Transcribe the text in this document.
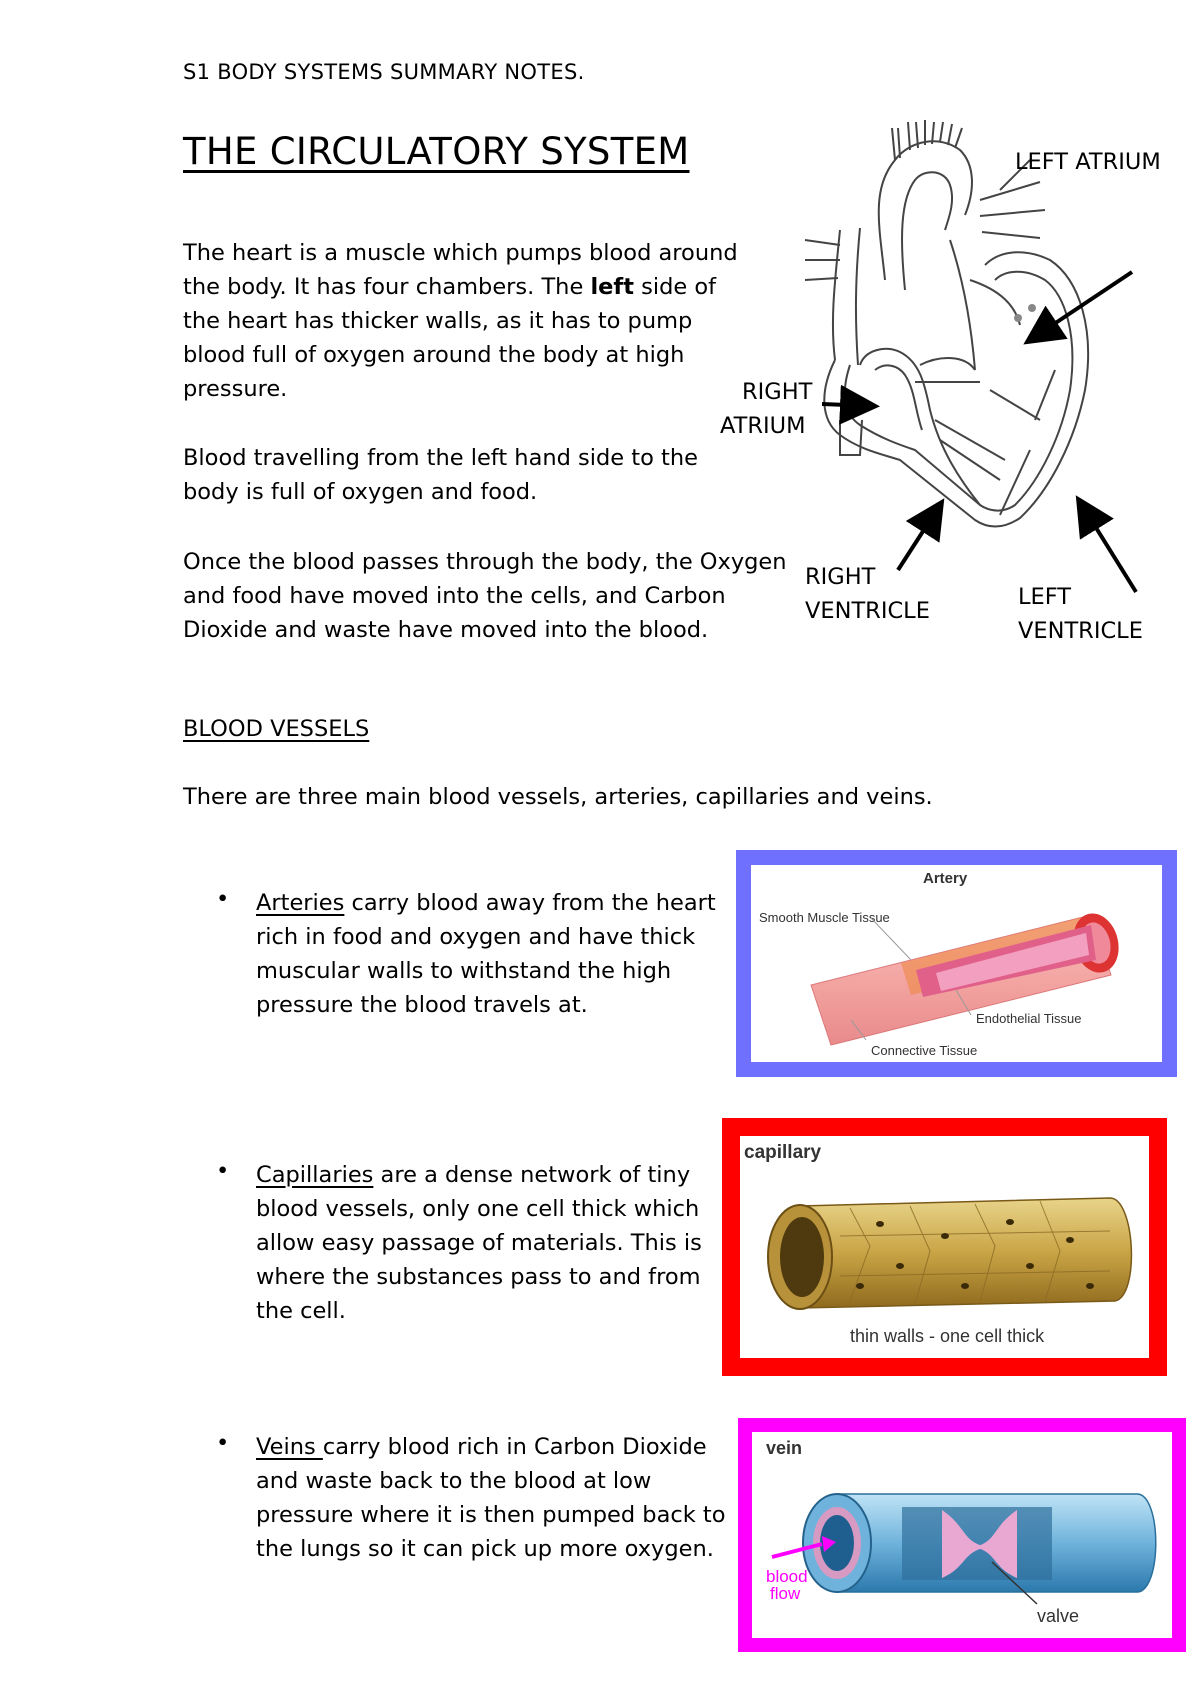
S1 BODY SYSTEMS SUMMARY NOTES.
THE CIRCULATORY SYSTEM
The heart is a muscle which pumps blood around the body. It has four chambers. The left side of the heart has thicker walls, as it has to pump blood full of oxygen around the body at high pressure.
Blood travelling from the left hand side to the body is full of oxygen and food.
Once the blood passes through the body, the Oxygen and food have moved into the cells, and Carbon Dioxide and waste have moved into the blood.
LEFT ATRIUM
RIGHT
ATRIUM
RIGHT
VENTRICLE
LEFT
VENTRICLE
BLOOD VESSELS
There are three main blood vessels, arteries, capillaries and veins.
• Arteries carry blood away from the heart rich in food and oxygen and have thick muscular walls to withstand the high pressure the blood travels at.
• Capillaries are a dense network of tiny blood vessels, only one cell thick which allow easy passage of materials. This is where the substances pass to and from the cell.
• Veins carry blood rich in Carbon Dioxide and waste back to the blood at low pressure where it is then pumped back to the lungs so it can pick up more oxygen.
Artery
Smooth Muscle Tissue
Endothelial Tissue
Connective Tissue
capillary
thin walls - one cell thick
vein
blood
flow
valve
